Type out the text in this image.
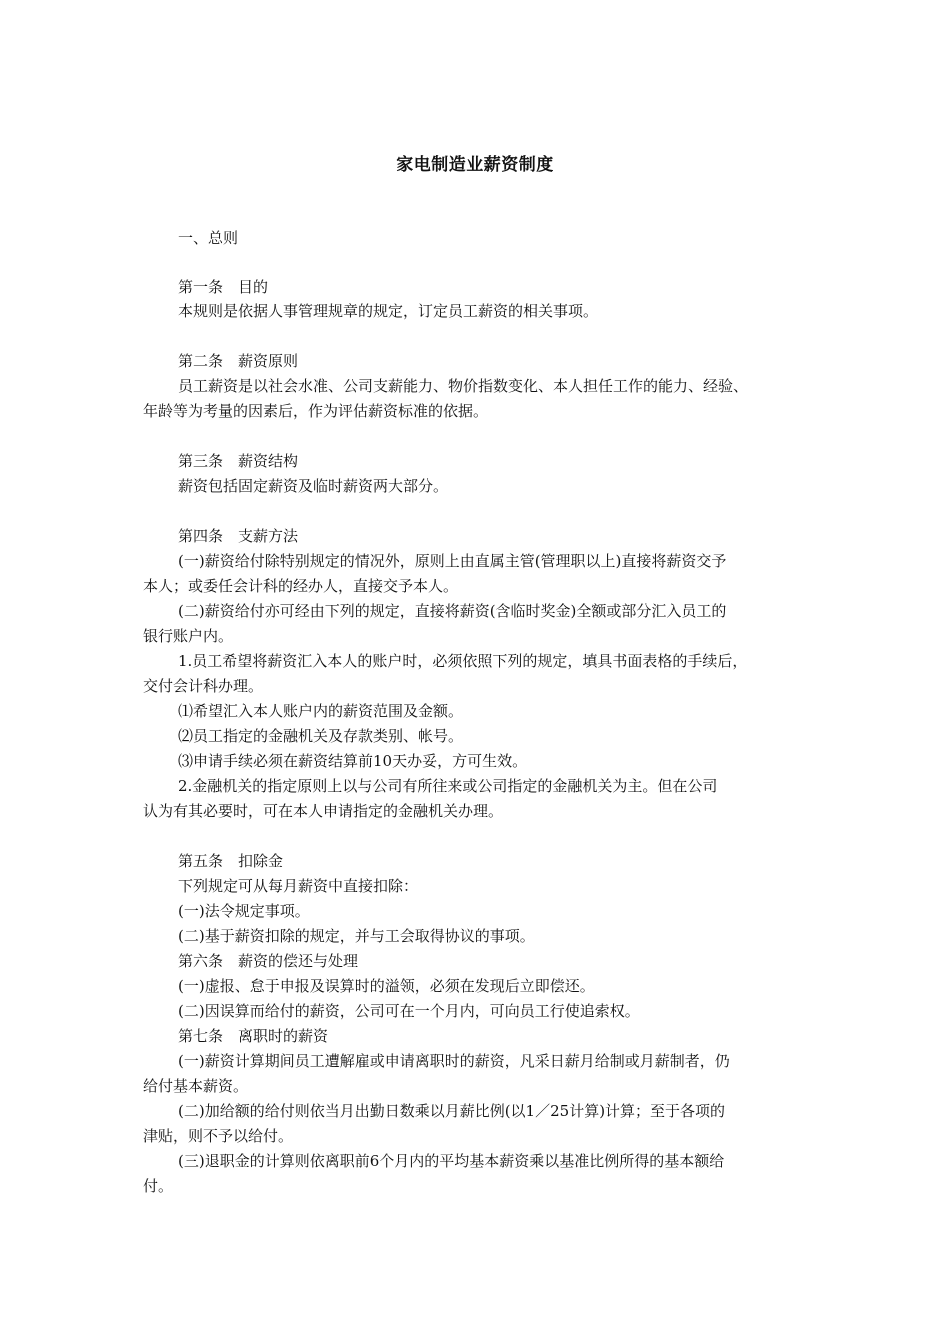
家电制造业薪资制度
一、总则
第一条　目的
本规则是依据人事管理规章的规定，订定员工薪资的相关事项。
第二条　薪资原则
员工薪资是以社会水准、公司支薪能力、物价指数变化、本人担任工作的能力、经验、
年龄等为考量的因素后，作为评估薪资标准的依据。
第三条　薪资结构
薪资包括固定薪资及临时薪资两大部分。
第四条　支薪方法
(一)薪资给付除特别规定的情况外，原则上由直属主管(管理职以上)直接将薪资交予
本人；或委任会计科的经办人，直接交予本人。
(二)薪资给付亦可经由下列的规定，直接将薪资(含临时奖金)全额或部分汇入员工的
银行账户内。
1.员工希望将薪资汇入本人的账户时，必须依照下列的规定，填具书面表格的手续后，
交付会计科办理。
⑴希望汇入本人账户内的薪资范围及金额。
⑵员工指定的金融机关及存款类别、帐号。
⑶申请手续必须在薪资结算前10天办妥，方可生效。
2.金融机关的指定原则上以与公司有所往来或公司指定的金融机关为主。但在公司
认为有其必要时，可在本人申请指定的金融机关办理。
第五条　扣除金
下列规定可从每月薪资中直接扣除：
(一)法令规定事项。
(二)基于薪资扣除的规定，并与工会取得协议的事项。
第六条　薪资的偿还与处理
(一)虚报、怠于申报及误算时的溢领，必须在发现后立即偿还。
(二)因误算而给付的薪资，公司可在一个月内，可向员工行使追索权。
第七条　离职时的薪资
(一)薪资计算期间员工遭解雇或申请离职时的薪资，凡采日薪月给制或月薪制者，仍
给付基本薪资。
(二)加给额的给付则依当月出勤日数乘以月薪比例(以1／25计算)计算；至于各项的
津贴，则不予以给付。
(三)退职金的计算则依离职前6个月内的平均基本薪资乘以基准比例所得的基本额给
付。
